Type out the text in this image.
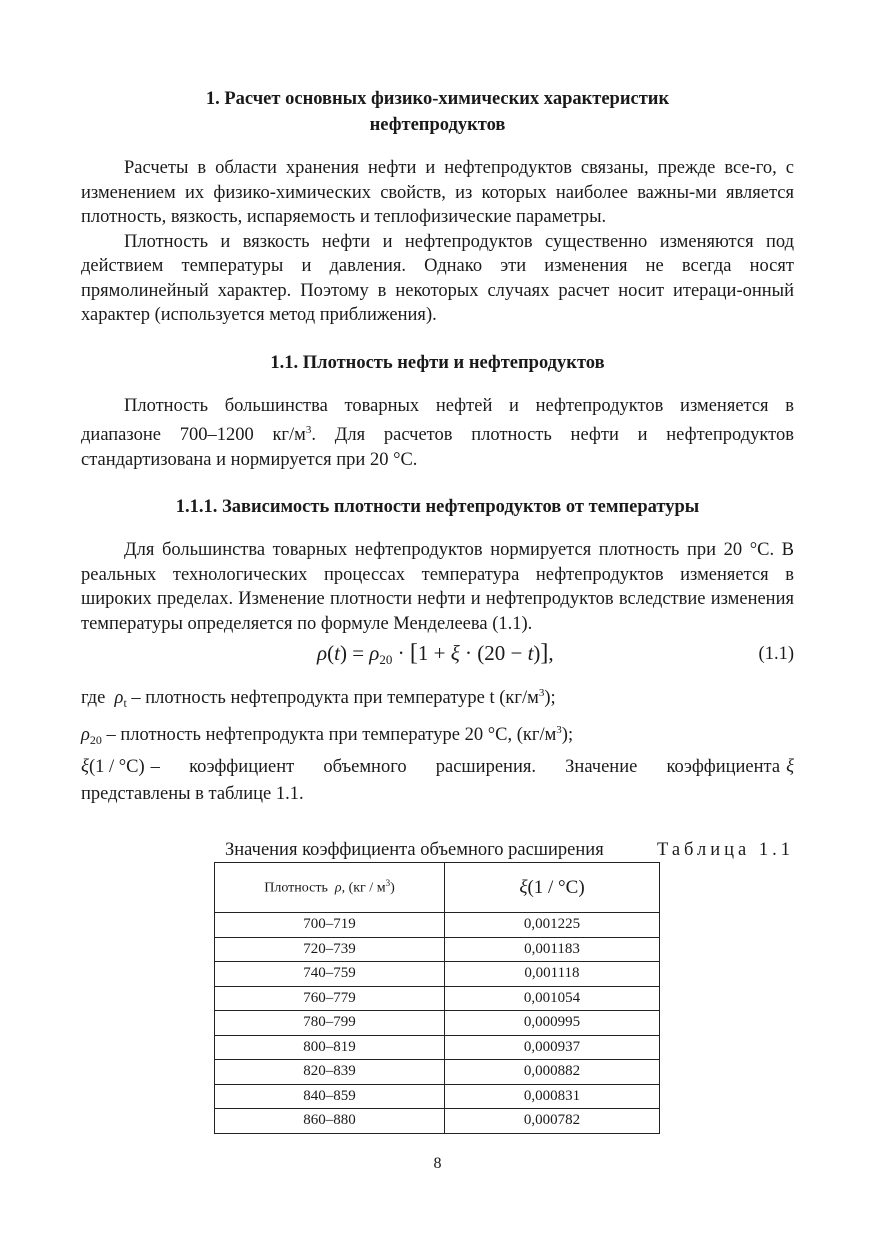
1. Расчет основных физико-химических характеристик
нефтепродуктов

Расчеты в области хранения нефти и нефтепродуктов связаны, прежде все-го, с изменением их физико-химических свойств, из которых наиболее важны-ми является плотность, вязкость, испаряемость и теплофизические параметры.

Плотность и вязкость нефти и нефтепродуктов существенно изменяются под действием температуры и давления. Однако эти изменения не всегда носят прямолинейный характер. Поэтому в некоторых случаях расчет носит итераци-онный характер (используется метод приближения).

1.1. Плотность нефти и нефтепродуктов

Плотность большинства товарных нефтей и нефтепродуктов изменяется в диапазоне 700–1200 $кг/м^3$. Для расчетов плотность нефти и нефтепродуктов стандартизована и нормируется при 20 °С.

1.1.1. Зависимость плотности нефтепродуктов от температуры

Для большинства товарных нефтепродуктов нормируется плотность при 20 °С. В реальных технологических процессах температура нефтепродуктов изменяется в широких пределах. Изменение плотности нефти и нефтепродуктов вследствие изменения температуры определяется по формуле Менделеева (1.1).

$\rho(t) = \rho_{20} \cdot [1 + \xi \cdot (20 - t)]$,	(1.1)

где $\rho_t$ – плотность нефтепродукта при температуре t $(кг/м^3)$;

$\rho_{20}$ – плотность нефтепродукта при температуре 20 °С, $(кг/м^3)$;

ξ(1 / °С) – коэффициент объемного расширения. Значение коэффициента ξ

представлены в таблице 1.1.

Таблица 1.1
Значения коэффициента объемного расширения
Плотность ρ, $(кг / м^3)$	ξ(1 / °С)
700–719	0,001225
720–739	0,001183
740–759	0,001118
760–779	0,001054
780–799	0,000995
800–819	0,000937
820–839	0,000882
840–859	0,000831
860–880	0,000782
8
